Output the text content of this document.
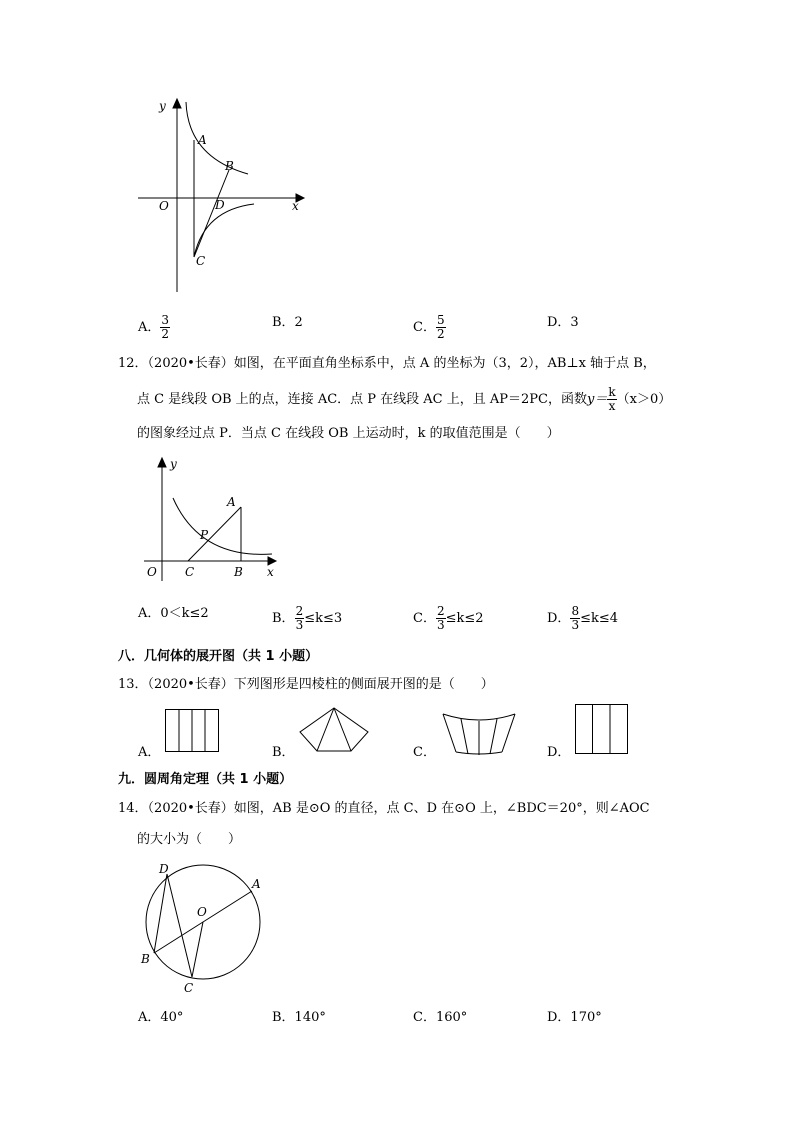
y
x
O
A
B
C
D
A． $\frac{3}{2}$	B．2	C． $\frac{5}{2}$	D．3
12．（2020•长春）如图，在平面直角坐标系中，点 A 的坐标为（3，2），AB⊥x 轴于点 B，
点 C 是线段 OB 上的点，连接 AC．点 P 在线段 AC 上，且 AP＝2PC，函数$y= \frac{k}{x} (x>0)$
的图象经过点 P．当点 C 在线段 OB 上运动时，k 的取值范围是（　　）
y
x
O
A
P
C	B
A．0＜k≤2	B． $\frac{2}{3} \le k\le 3$	C． $\frac{2}{3} \le k\le 2$	D． $\frac{8}{3} \le k\le 4$
八．几何体的展开图（共 1 小题）
13．（2020•长春）下列图形是四棱柱的侧面展开图的是（　　）
A．	B．	C．	D．
九．圆周角定理（共 1 小题）
14．（2020•长春）如图，AB 是⊙O 的直径，点 C、D 在⊙O 上，∠BDC＝20°，则∠AOC
的大小为（　　）
D
A
O
B
C
A．40°	B．140°	C．160°	D．170°
